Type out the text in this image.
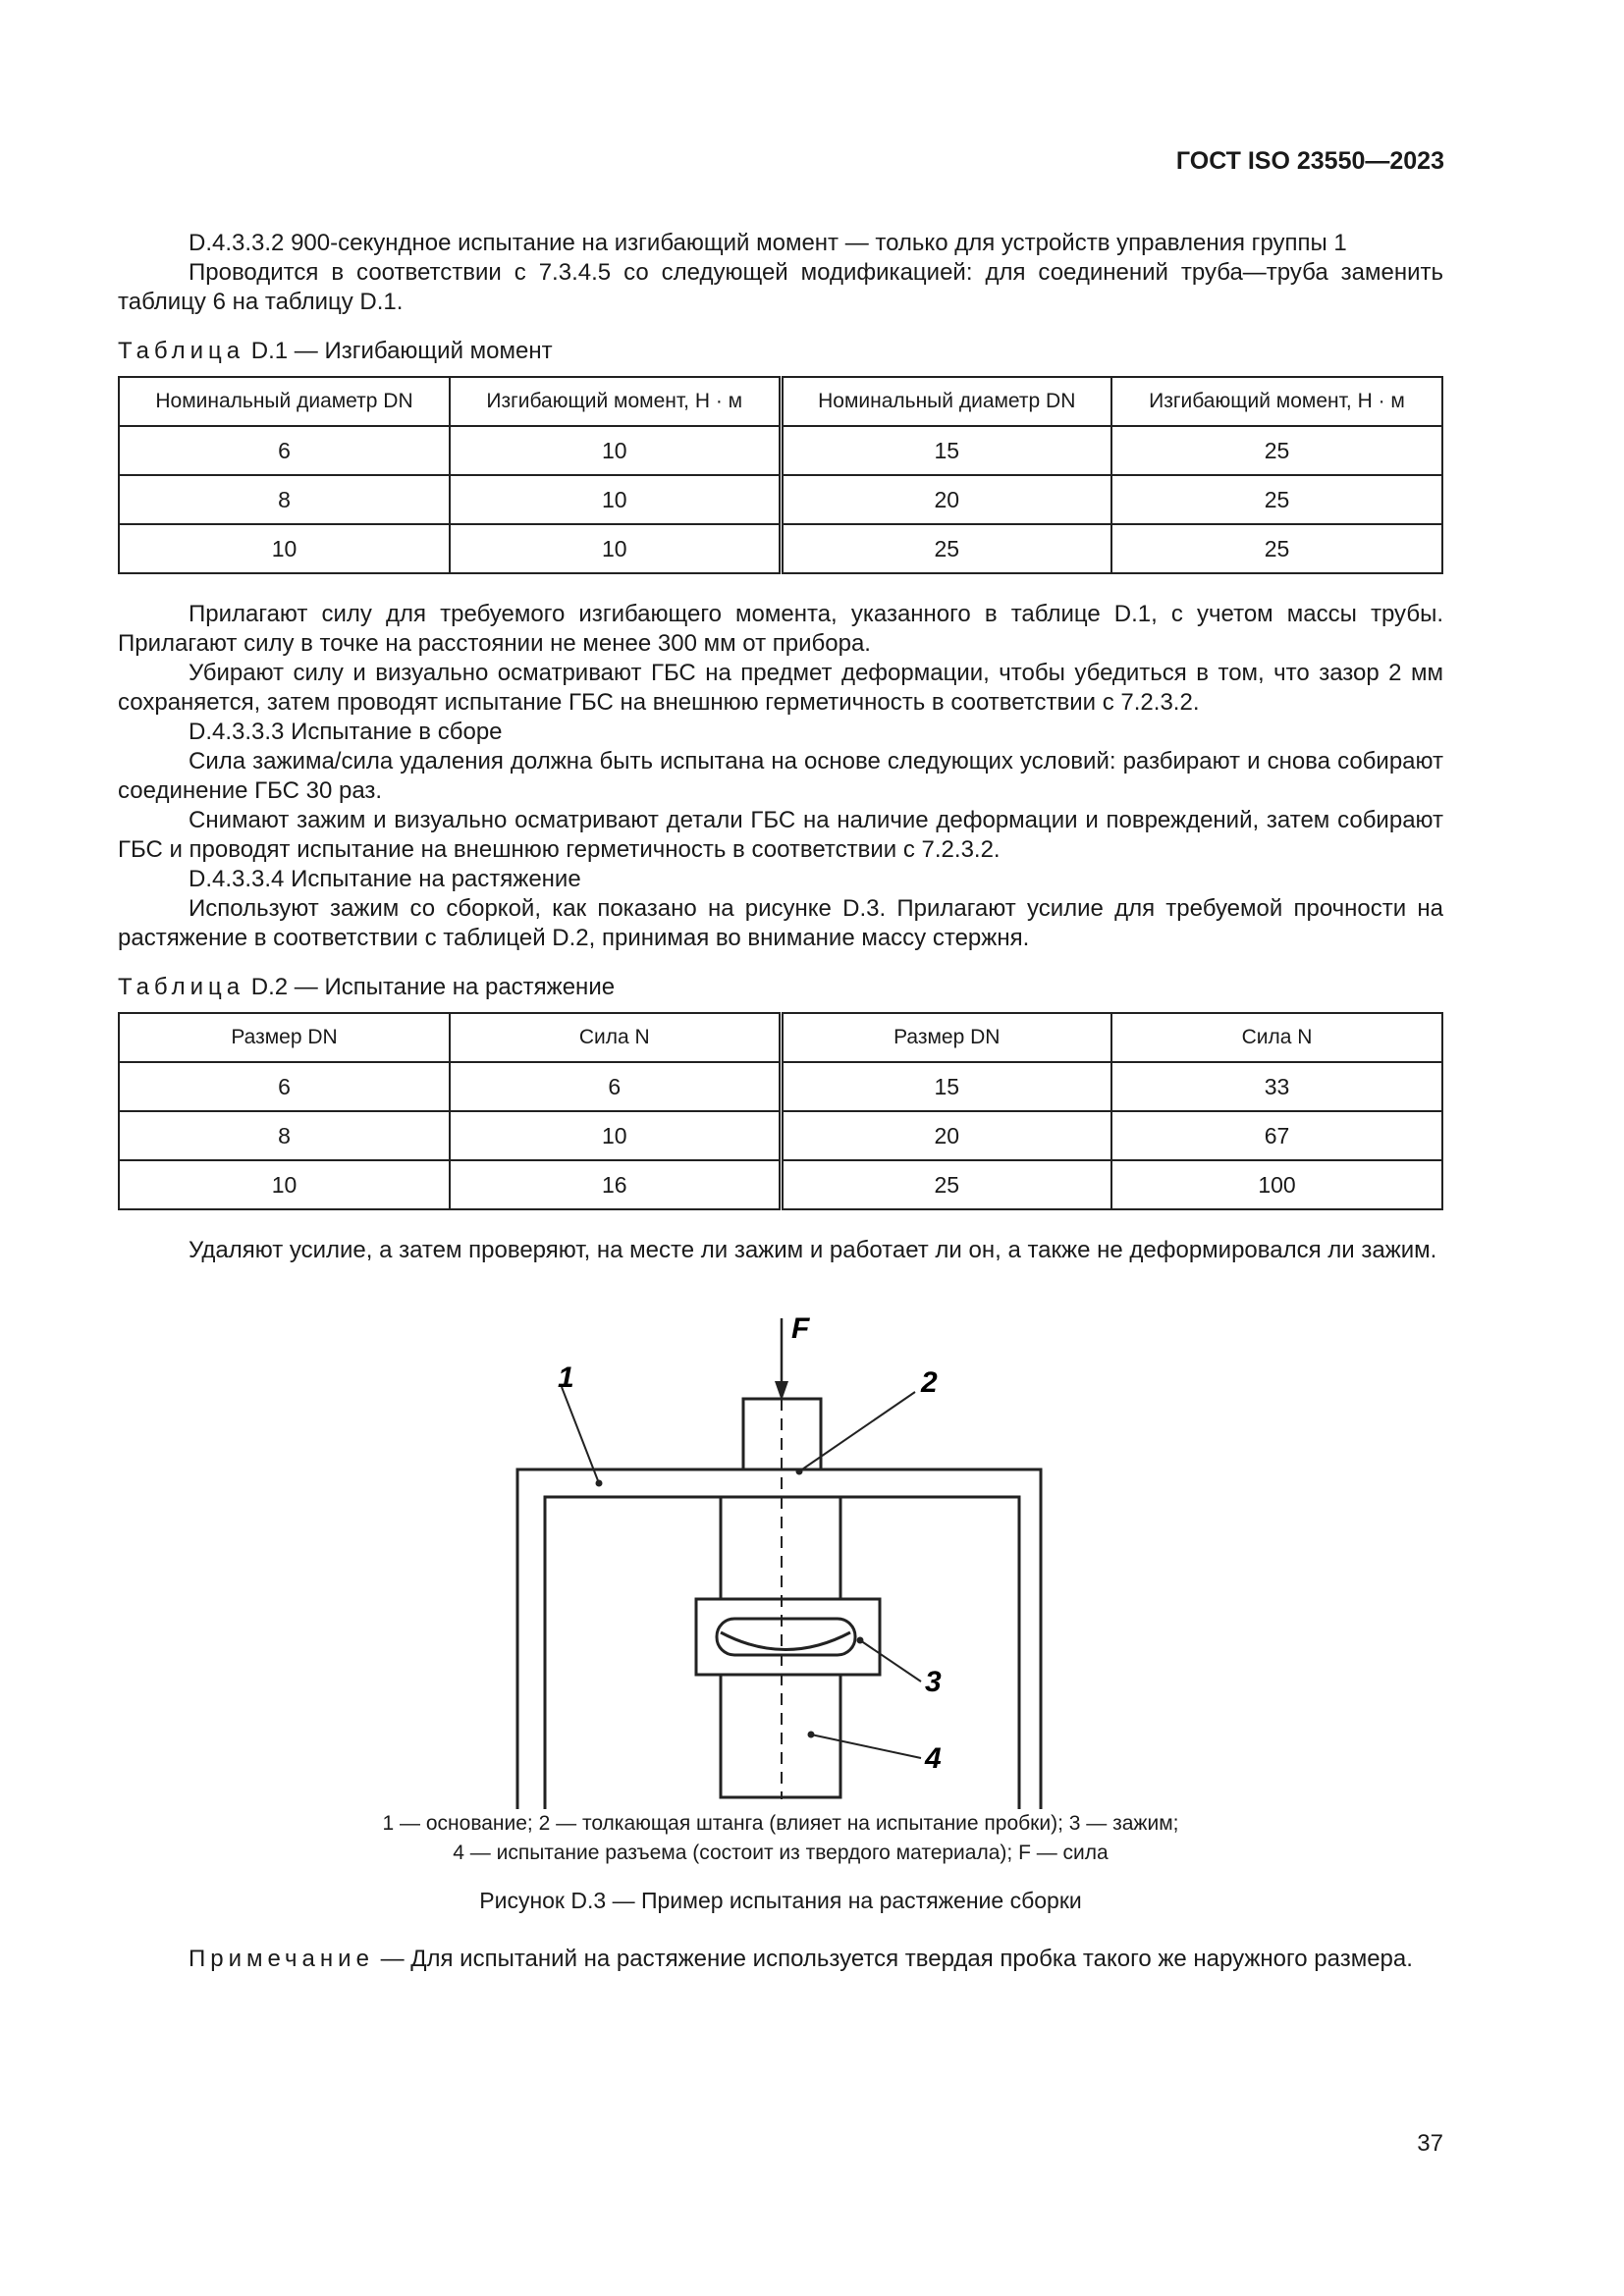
ГОСТ ISO 23550—2023

D.4.3.3.2 900-секундное испытание на изгибающий момент — только для устройств управления группы 1

Проводится в соответствии с 7.3.4.5 со следующей модификацией: для соединений труба—труба заменить таблицу 6 на таблицу D.1.

Таблица D.1 — Изгибающий момент

Номинальный диаметр DN	Изгибающий момент, Н · м	Номинальный диаметр DN	Изгибающий момент, Н · м
6	10	15	25
8	10	20	25
10	10	25	25

Прилагают силу для требуемого изгибающего момента, указанного в таблице D.1, с учетом массы трубы. Прилагают силу в точке на расстоянии не менее 300 мм от прибора.

Убирают силу и визуально осматривают ГБС на предмет деформации, чтобы убедиться в том, что зазор 2 мм сохраняется, затем проводят испытание ГБС на внешнюю герметичность в соответствии с 7.2.3.2.

D.4.3.3.3 Испытание в сборе

Сила зажима/сила удаления должна быть испытана на основе следующих условий: разбирают и снова собирают соединение ГБС 30 раз.

Снимают зажим и визуально осматривают детали ГБС на наличие деформации и повреждений, затем собирают ГБС и проводят испытание на внешнюю герметичность в соответствии с 7.2.3.2.

D.4.3.3.4 Испытание на растяжение

Используют зажим со сборкой, как показано на рисунке D.3. Прилагают усилие для требуемой прочности на растяжение в соответствии с таблицей D.2, принимая во внимание массу стержня.

Таблица D.2 — Испытание на растяжение

Размер DN	Сила N	Размер DN	Сила N
6	6	15	33
8	10	20	67
10	16	25	100

Удаляют усилие, а затем проверяют, на месте ли зажим и работает ли он, а также не деформировался ли зажим.

F
1	2
3
4
1 — основание; 2 — толкающая штанга (влияет на испытание пробки); 3 — зажим;
4 — испытание разъема (состоит из твердого материала); F — сила
Рисунок D.3 — Пример испытания на растяжение сборки

Примечание — Для испытаний на растяжение используется твердая пробка такого же наружного размера.

37
